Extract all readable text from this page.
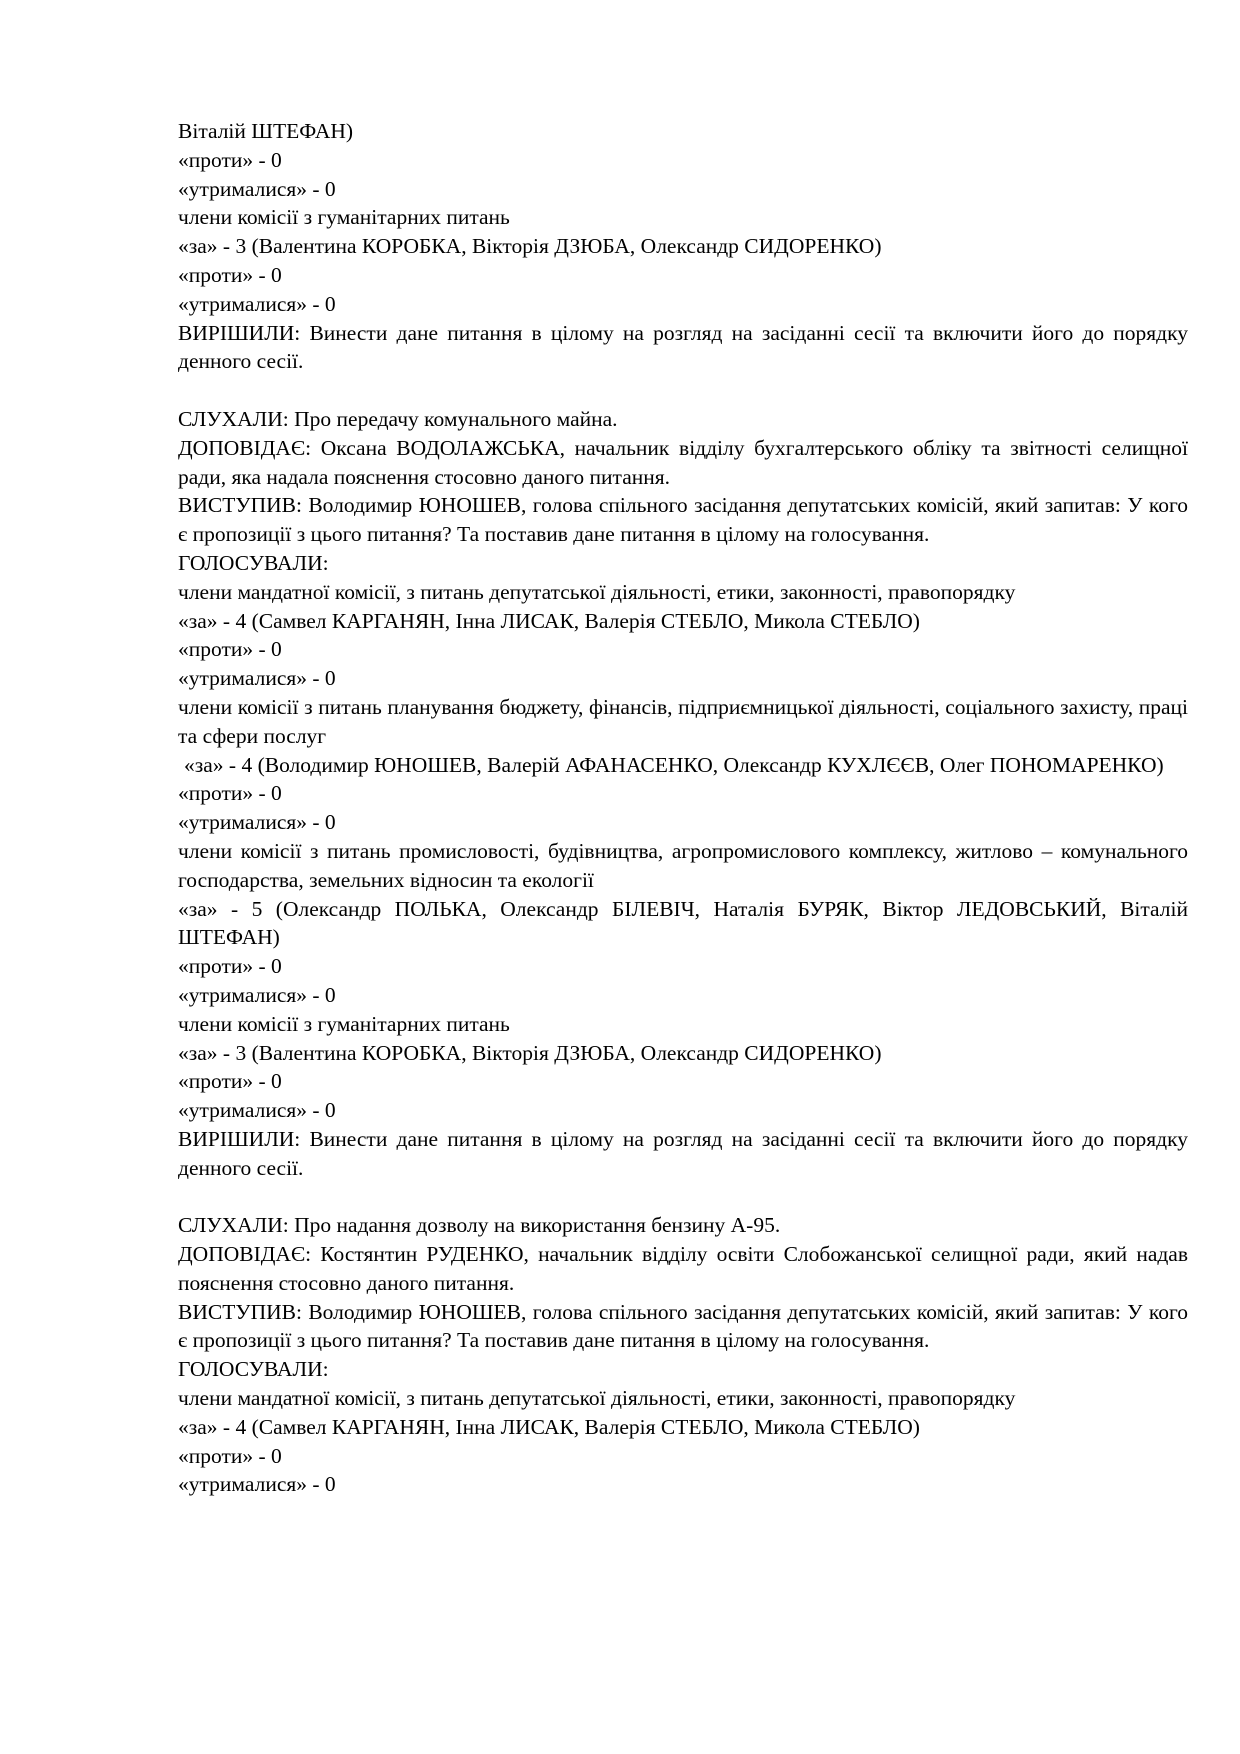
Віталій ШТЕФАН)
«проти» - 0
«утрималися» - 0
члени комісії з гуманітарних питань
«за» - 3 (Валентина КОРОБКА, Вікторія ДЗЮБА, Олександр СИДОРЕНКО)
«проти» - 0
«утрималися» - 0
ВИРІШИЛИ: Винести дане питання в цілому на розгляд на засіданні сесії та включити його до порядку денного сесії.
СЛУХАЛИ: Про передачу комунального майна.
ДОПОВІДАЄ: Оксана ВОДОЛАЖСЬКА, начальник відділу бухгалтерського обліку та звітності селищної ради, яка надала пояснення стосовно даного питання.
ВИСТУПИВ: Володимир ЮНОШЕВ, голова спільного засідання депутатських комісій, який запитав: У кого є пропозиції з цього питання? Та поставив дане питання в цілому на голосування.
ГОЛОСУВАЛИ:
члени мандатної комісії, з питань депутатської діяльності, етики, законності, правопорядку
«за» - 4 (Самвел КАРГАНЯН, Інна ЛИСАК, Валерія СТЕБЛО, Микола СТЕБЛО)
«проти» - 0
«утрималися» - 0
члени комісії з питань планування бюджету, фінансів, підприємницької діяльності, соціального захисту, праці та сфери послуг
«за» - 4 (Володимир ЮНОШЕВ, Валерій АФАНАСЕНКО, Олександр КУХЛЄЄВ, Олег ПОНОМАРЕНКО)
«проти» - 0
«утрималися» - 0
члени комісії з питань промисловості, будівництва, агропромислового комплексу, житлово – комунального господарства, земельних відносин та екології
«за» - 5 (Олександр ПОЛЬКА, Олександр БІЛЕВІЧ, Наталія БУРЯК, Віктор ЛЕДОВСЬКИЙ, Віталій ШТЕФАН)
«проти» - 0
«утрималися» - 0
члени комісії з гуманітарних питань
«за» - 3 (Валентина КОРОБКА, Вікторія ДЗЮБА, Олександр СИДОРЕНКО)
«проти» - 0
«утрималися» - 0
ВИРІШИЛИ: Винести дане питання в цілому на розгляд на засіданні сесії та включити його до порядку денного сесії.
СЛУХАЛИ: Про надання дозволу на використання бензину А-95.
ДОПОВІДАЄ: Костянтин РУДЕНКО, начальник відділу освіти Слобожанської селищної ради, який надав пояснення стосовно даного питання.
ВИСТУПИВ: Володимир ЮНОШЕВ, голова спільного засідання депутатських комісій, який запитав: У кого є пропозиції з цього питання? Та поставив дане питання в цілому на голосування.
ГОЛОСУВАЛИ:
члени мандатної комісії, з питань депутатської діяльності, етики, законності, правопорядку
«за» - 4 (Самвел КАРГАНЯН, Інна ЛИСАК, Валерія СТЕБЛО, Микола СТЕБЛО)
«проти» - 0
«утрималися» - 0
